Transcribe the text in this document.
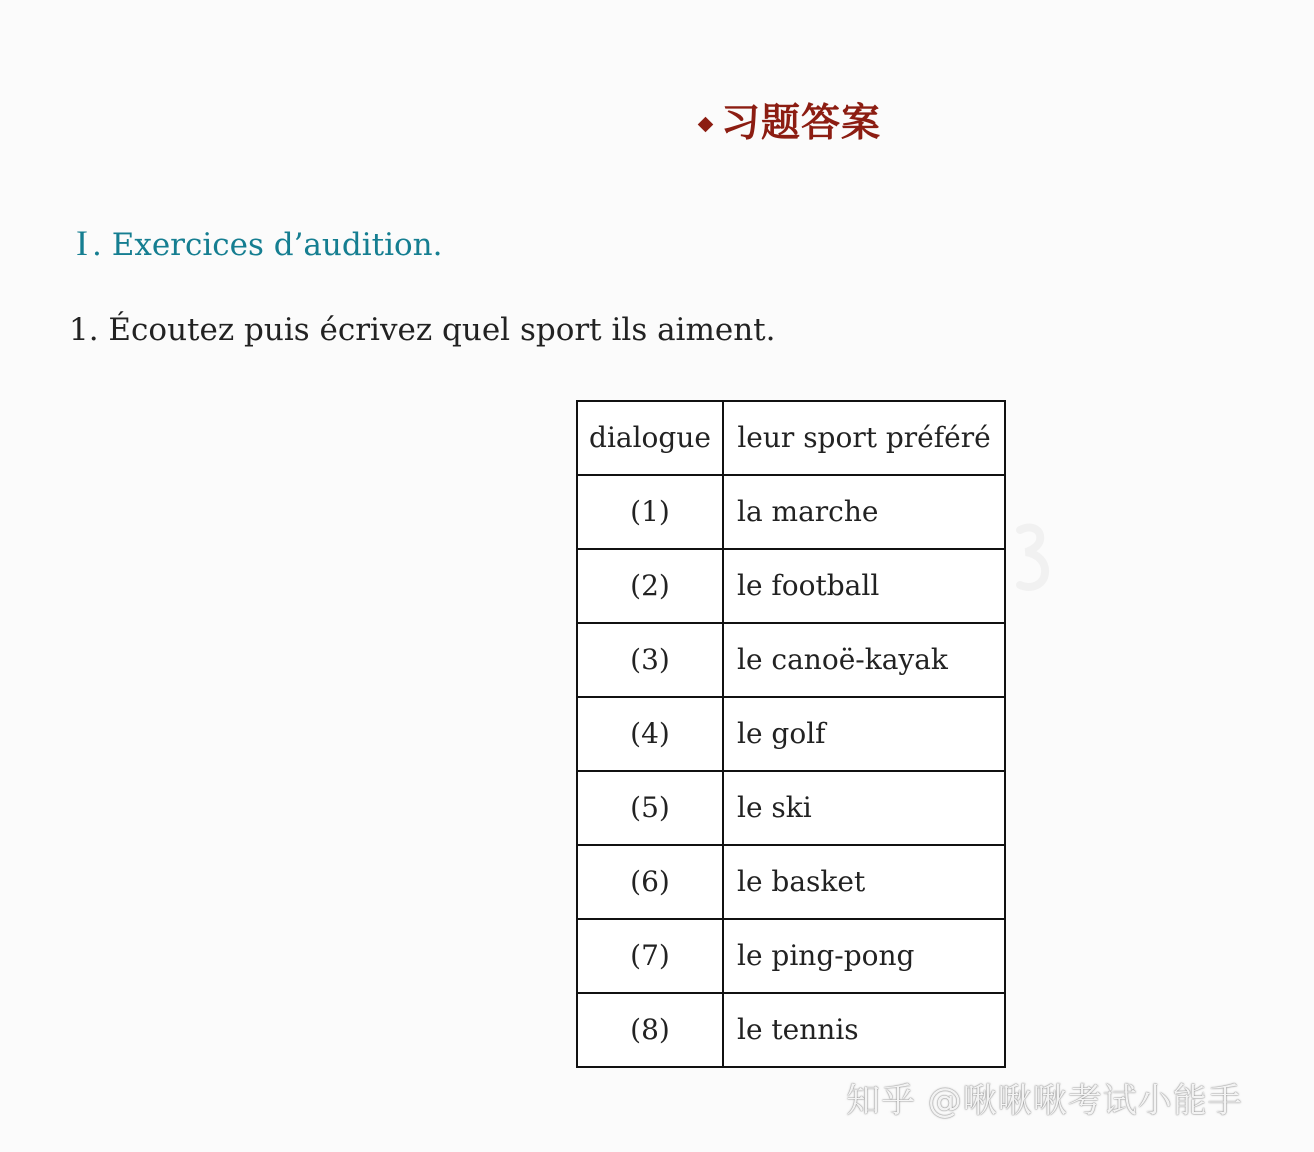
习题答案
I . Exercices d’audition.
1. Écoutez puis écrivez quel sport ils aiment.
dialogue	leur sport préféré
(1)	la marche
(2)	le football
(3)	le canoë-kayak
(4)	le golf
(5)	le ski
(6)	le basket
(7)	le ping-pong
(8)	le tennis
知乎 @啾啾啾考试小能手
